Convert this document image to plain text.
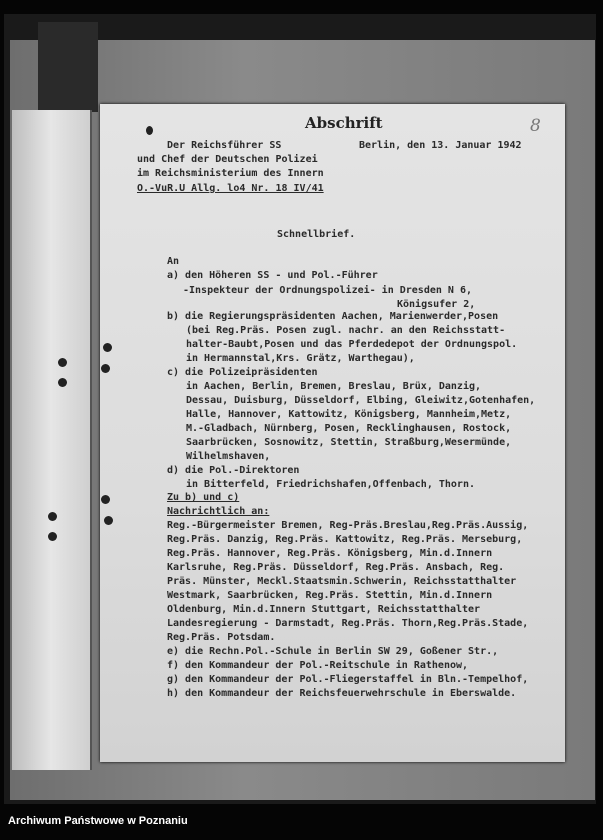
Abschrift	8
Der Reichsführer SS	Berlin, den 13. Januar 1942
und Chef der Deutschen Polizei
im Reichsministerium des Innern
O.-VuR.U Allg. lo4 Nr. 18 IV/41
Schnellbrief.
An
a) den Höheren SS - und Pol.-Führer
-Inspekteur der Ordnungspolizei- in Dresden N 6,
Königsufer 2,
b) die Regierungspräsidenten Aachen, Marienwerder,Posen
(bei Reg.Präs. Posen zugl. nachr. an den Reichsstatt-
halter-Baubt,Posen und das Pferdedepot der Ordnungspol.
in Hermannstal,Krs. Grätz, Warthegau),
c) die Polizeipräsidenten
in Aachen, Berlin, Bremen, Breslau, Brüx, Danzig,
Dessau, Duisburg, Düsseldorf, Elbing, Gleiwitz,Gotenhafen,
Halle, Hannover, Kattowitz, Königsberg, Mannheim,Metz,
M.-Gladbach, Nürnberg, Posen, Recklinghausen, Rostock,
Saarbrücken, Sosnowitz, Stettin, Straßburg,Wesermünde,
Wilhelmshaven,
d) die Pol.-Direktoren
in Bitterfeld, Friedrichshafen,Offenbach, Thorn.
Zu b) und c)
Nachrichtlich an:
Reg.-Bürgermeister Bremen, Reg-Präs.Breslau,Reg.Präs.Aussig,
Reg.Präs. Danzig, Reg.Präs. Kattowitz, Reg.Präs. Merseburg,
Reg.Präs. Hannover, Reg.Präs. Königsberg, Min.d.Innern
Karlsruhe, Reg.Präs. Düsseldorf, Reg.Präs. Ansbach, Reg.
Präs. Münster, Meckl.Staatsmin.Schwerin, Reichsstatthalter
Westmark, Saarbrücken, Reg.Präs. Stettin, Min.d.Innern
Oldenburg, Min.d.Innern Stuttgart, Reichsstatthalter
Landesregierung - Darmstadt, Reg.Präs. Thorn,Reg.Präs.Stade,
Reg.Präs. Potsdam.
e) die Rechn.Pol.-Schule in Berlin SW 29, Goßener Str.,
f) den Kommandeur der Pol.-Reitschule in Rathenow,
g) den Kommandeur der Pol.-Fliegerstaffel in Bln.-Tempelhof,
h) den Kommandeur der Reichsfeuerwehrschule in Eberswalde.
Archiwum Państwowe w Poznaniu
